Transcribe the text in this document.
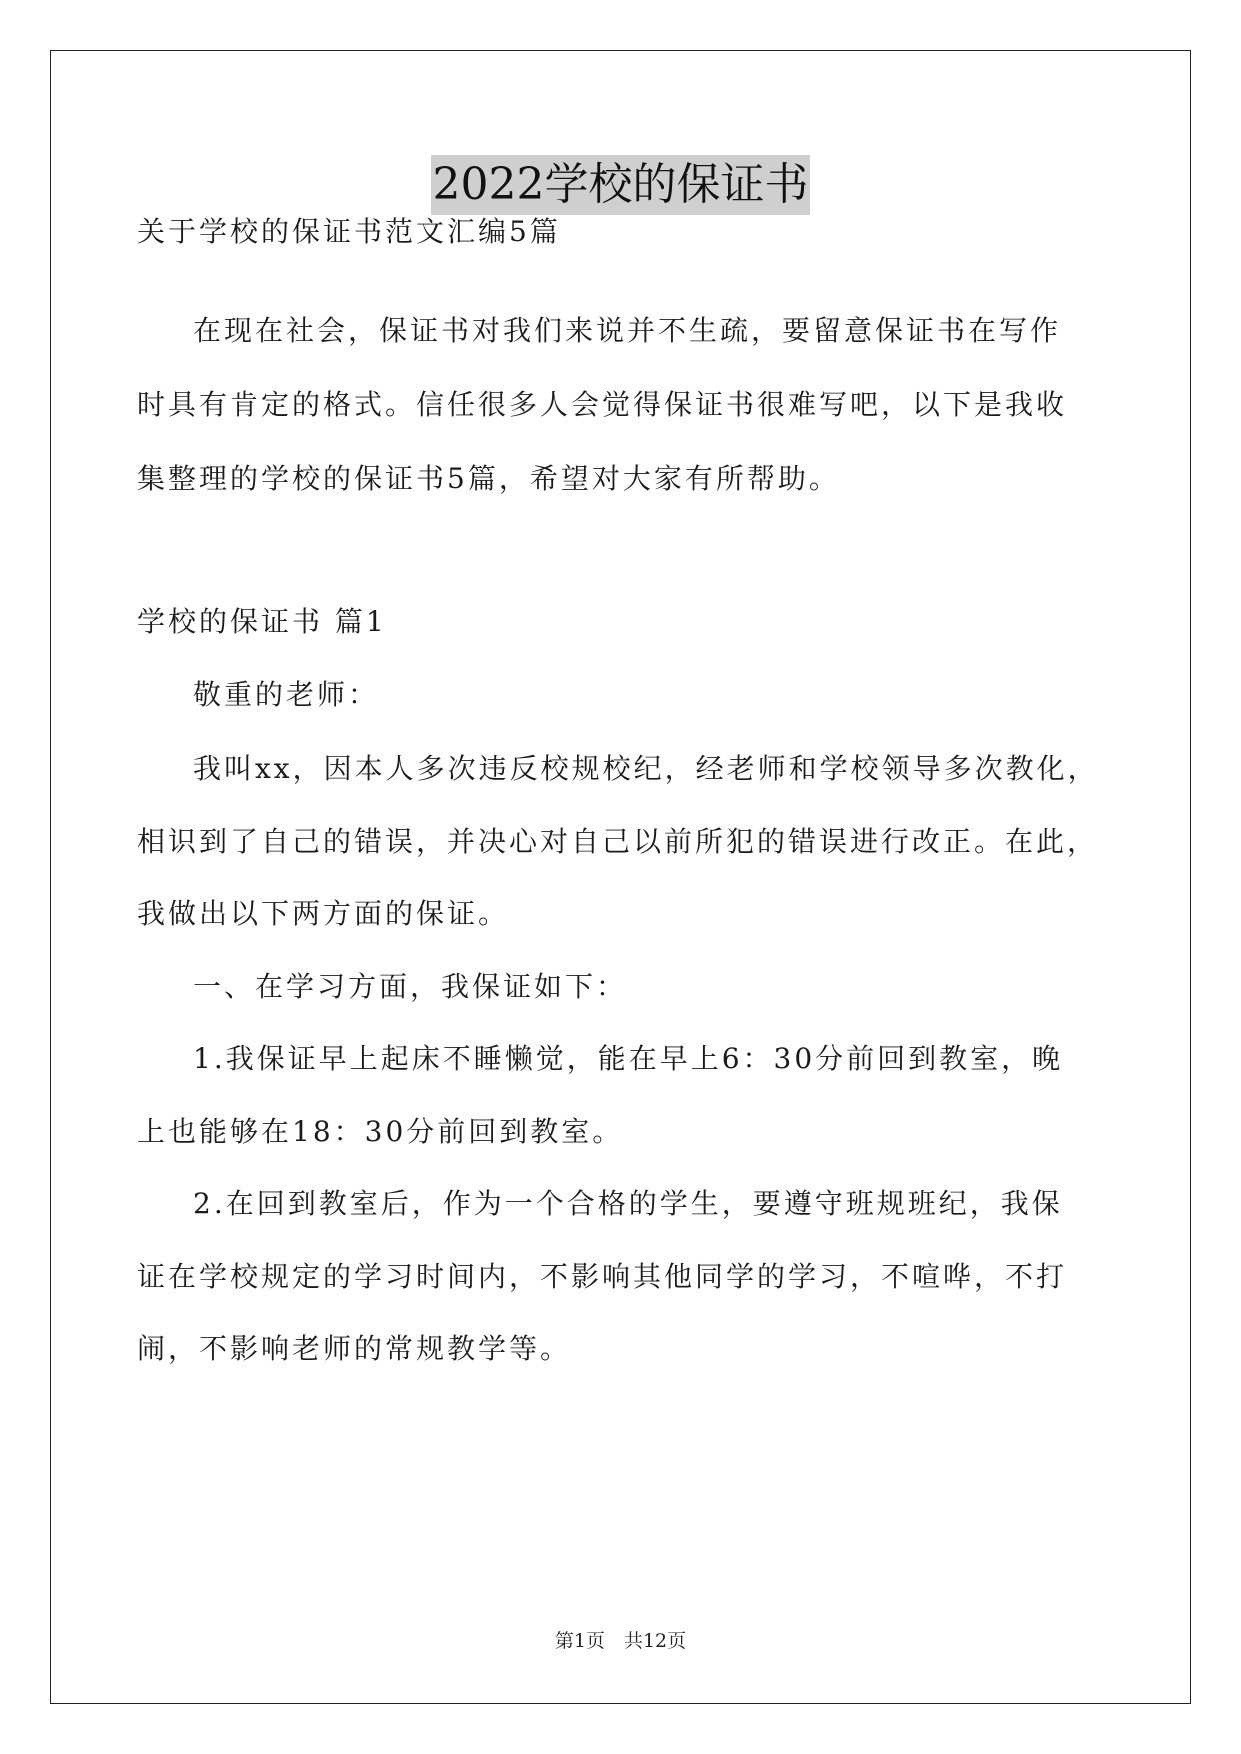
2022学校的保证书
关于学校的保证书范文汇编5篇
在现在社会，保证书对我们来说并不生疏，要留意保证书在写作
时具有肯定的格式。信任很多人会觉得保证书很难写吧，以下是我收
集整理的学校的保证书5篇，希望对大家有所帮助。
学校的保证书 篇1
敬重的老师：
我叫xx，因本人多次违反校规校纪，经老师和学校领导多次教化，
相识到了自己的错误，并决心对自己以前所犯的错误进行改正。在此，
我做出以下两方面的保证。
一、在学习方面，我保证如下：
1.我保证早上起床不睡懒觉，能在早上6：30分前回到教室，晚
上也能够在18：30分前回到教室。
2.在回到教室后，作为一个合格的学生，要遵守班规班纪，我保
证在学校规定的学习时间内，不影响其他同学的学习，不喧哗，不打
闹，不影响老师的常规教学等。
第1页　共12页
